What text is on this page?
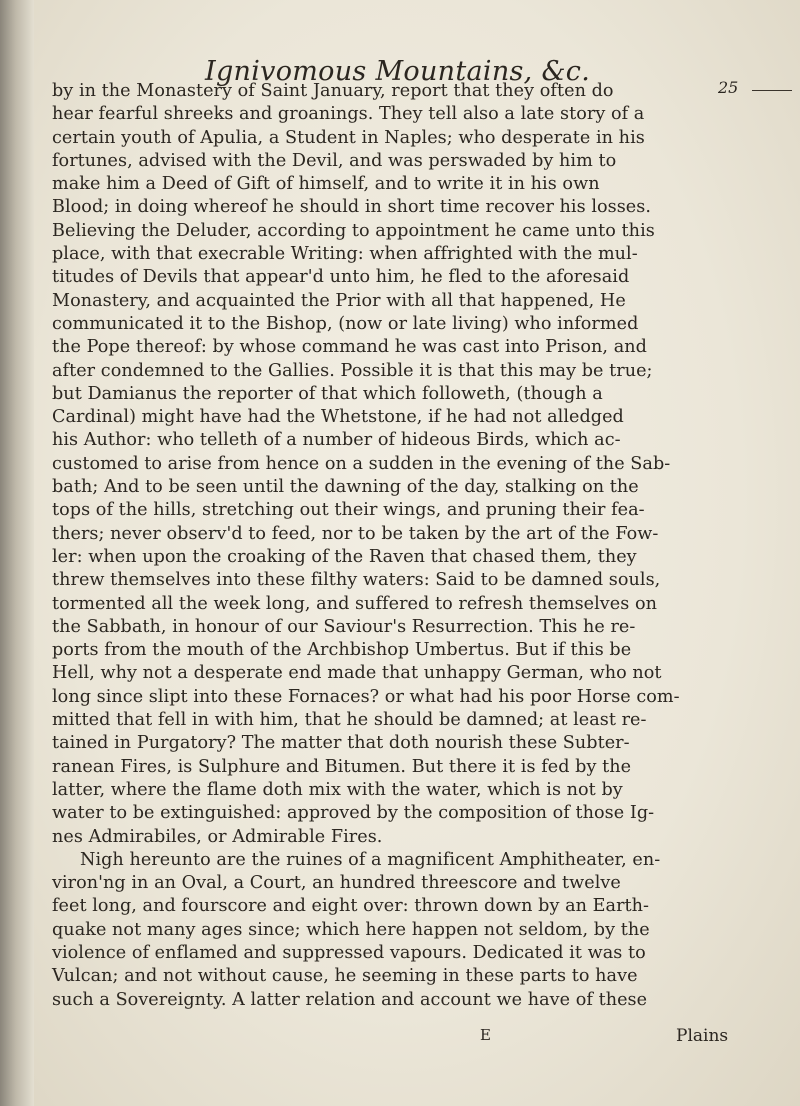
Ignivomous Mountains, &c.
25
by in the Monastery of Saint January, report that they often do
hear fearful shreeks and groanings. They tell also a late story of a
certain youth of Apulia, a Student in Naples; who desperate in his
fortunes, advised with the Devil, and was perswaded by him to
make him a Deed of Gift of himself, and to write it in his own
Blood; in doing whereof he should in short time recover his losses.
Believing the Deluder, according to appointment he came unto this
place, with that execrable Writing: when affrighted with the mul-
titudes of Devils that appear'd unto him, he fled to the aforesaid
Monastery, and acquainted the Prior with all that happened, He
communicated it to the Bishop, (now or late living) who informed
the Pope thereof: by whose command he was cast into Prison, and
after condemned to the Gallies. Possible it is that this may be true;
but Damianus the reporter of that which followeth, (though a
Cardinal) might have had the Whetstone, if he had not alledged
his Author: who telleth of a number of hideous Birds, which ac-
customed to arise from hence on a sudden in the evening of the Sab-
bath; And to be seen until the dawning of the day, stalking on the
tops of the hills, stretching out their wings, and pruning their fea-
thers; never observ'd to feed, nor to be taken by the art of the Fow-
ler: when upon the croaking of the Raven that chased them, they
threw themselves into these filthy waters: Said to be damned souls,
tormented all the week long, and suffered to refresh themselves on
the Sabbath, in honour of our Saviour's Resurrection. This he re-
ports from the mouth of the Archbishop Umbertus. But if this be
Hell, why not a desperate end made that unhappy German, who not
long since slipt into these Fornaces? or what had his poor Horse com-
mitted that fell in with him, that he should be damned; at least re-
tained in Purgatory? The matter that doth nourish these Subter-
ranean Fires, is Sulphure and Bitumen. But there it is fed by the
latter, where the flame doth mix with the water, which is not by
water to be extinguished: approved by the composition of those Ig-
nes Admirabiles, or Admirable Fires.
Nigh hereunto are the ruines of a magnificent Amphitheater, en-
viron'ng in an Oval, a Court, an hundred threescore and twelve
feet long, and fourscore and eight over: thrown down by an Earth-
quake not many ages since; which here happen not seldom, by the
violence of enflamed and suppressed vapours. Dedicated it was to
Vulcan; and not without cause, he seeming in these parts to have
such a Sovereignty. A latter relation and account we have of these
E	Plains
